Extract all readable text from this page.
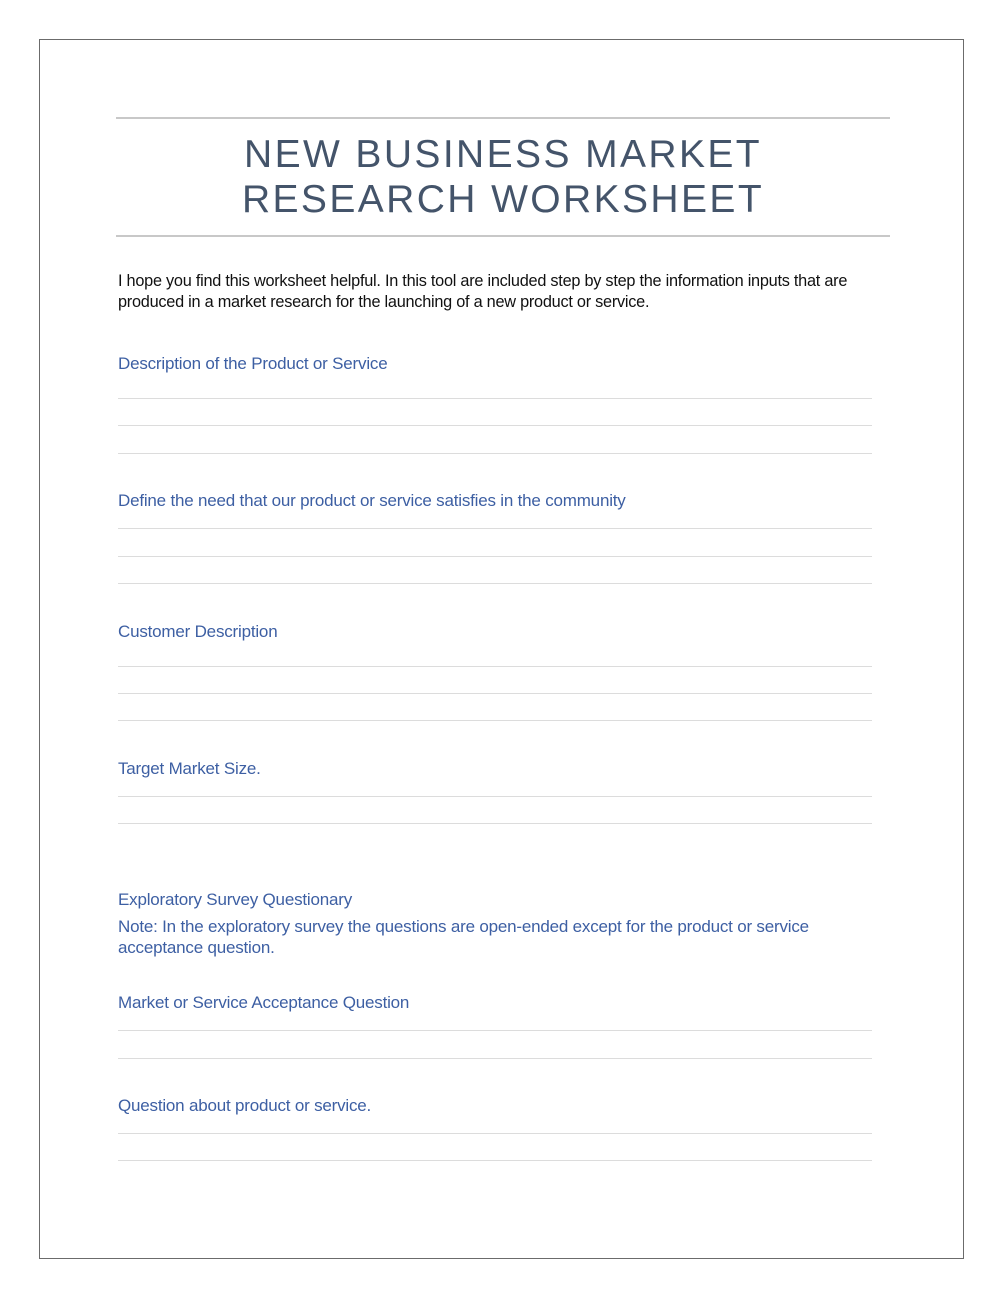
NEW BUSINESS MARKET
RESEARCH WORKSHEET
I hope you find this worksheet helpful. In this tool are included step by step the information inputs that are produced in a market research for the launching of a new product or service.
Description of the Product or Service
Define the need that our product or service satisfies in the community
Customer Description
Target Market Size.
Exploratory Survey Questionary
Note: In the exploratory survey the questions are open-ended except for the product or service acceptance question.
Market or Service Acceptance Question
Question about product or service.
